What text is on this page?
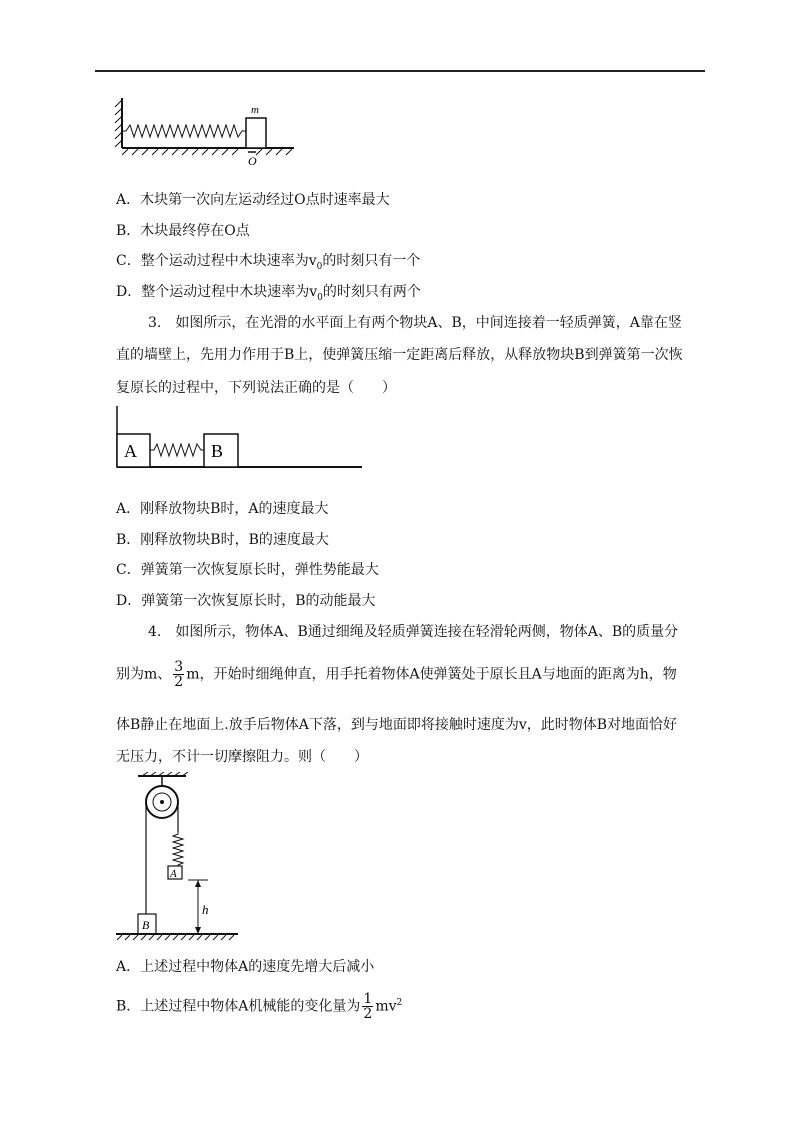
m
O
A．木块第一次向左运动经过O点时速率最大
B．木块最终停在O点
C．整个运动过程中木块速率为$v_0$的时刻只有一个
D．整个运动过程中木块速率为$v_0$的时刻只有两个
3.　如图所示，在光滑的水平面上有两个物块A、B，中间连接着一轻质弹簧，A靠在竖
直的墙壁上，先用力作用于B上，使弹簧压缩一定距离后释放，从释放物块B到弹簧第一次恢
复原长的过程中，下列说法正确的是（　　）
A	B
A．刚释放物块B时，A的速度最大
B．刚释放物块B时，B的速度最大
C．弹簧第一次恢复原长时，弹性势能最大
D．弹簧第一次恢复原长时，B的动能最大
4.　如图所示，物体A、B通过细绳及轻质弹簧连接在轻滑轮两侧，物体A、B的质量分
别为m、 $\frac{3}{2}$ m，开始时细绳伸直，用手托着物体A使弹簧处于原长且A与地面的距离为h，物
体B静止在地面上.放手后物体A下落，到与地面即将接触时速度为v，此时物体B对地面恰好
无压力，不计一切摩擦阻力。则（　　）
A
h
B
A．上述过程中物体A的速度先增大后减小
B．上述过程中物体A机械能的变化量为 $\frac{1}{2} mv^2$
